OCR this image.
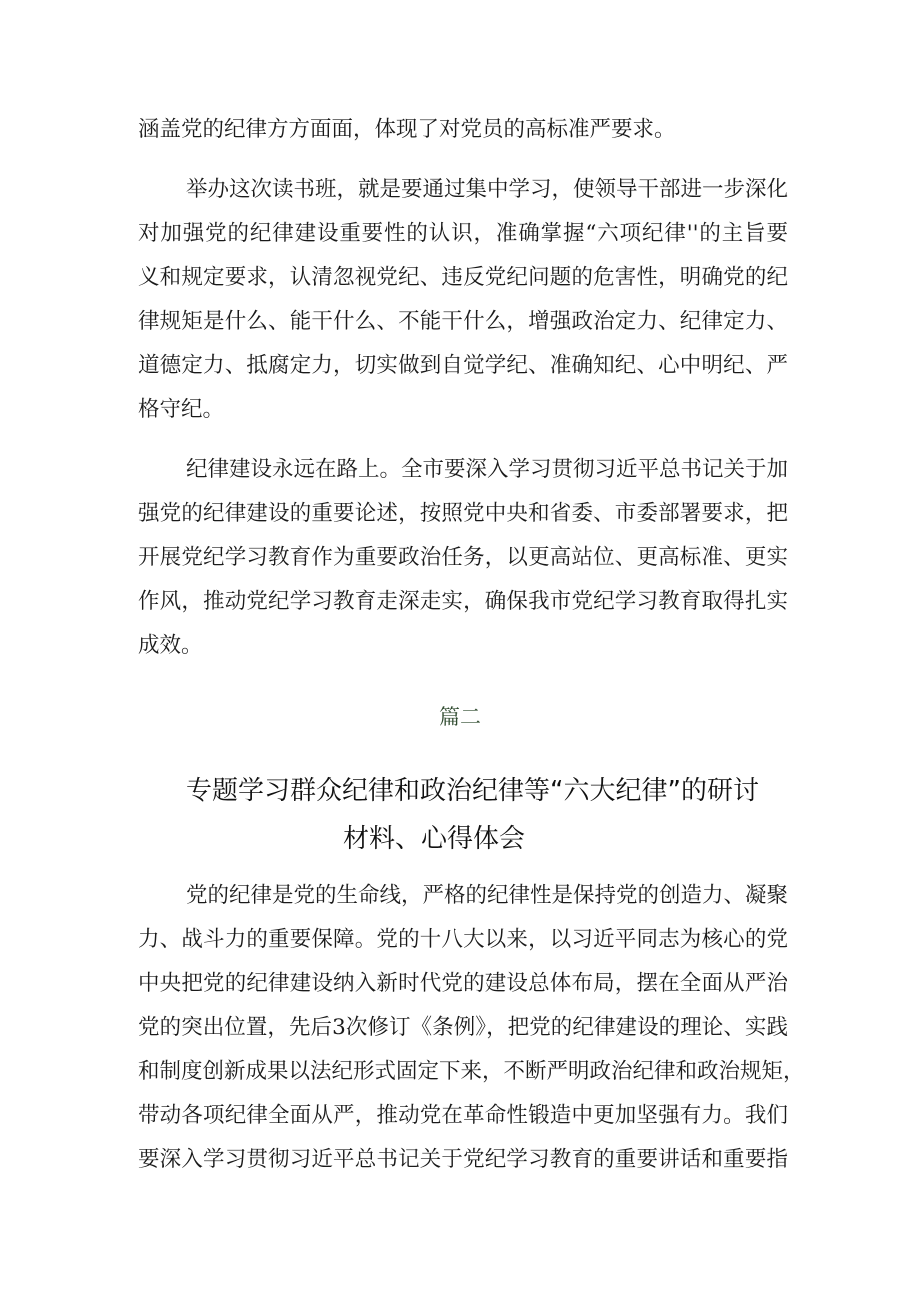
涵盖党的纪律方方面面，体现了对党员的高标准严要求。
举办这次读书班，就是要通过集中学习，使领导干部进一步深化
对加强党的纪律建设重要性的认识，准确掌握“六项纪律''的主旨要
义和规定要求，认清忽视党纪、违反党纪问题的危害性，明确党的纪
律规矩是什么、能干什么、不能干什么，增强政治定力、纪律定力、
道德定力、抵腐定力，切实做到自觉学纪、准确知纪、心中明纪、严
格守纪。
纪律建设永远在路上。全市要深入学习贯彻习近平总书记关于加
强党的纪律建设的重要论述，按照党中央和省委、市委部署要求，把
开展党纪学习教育作为重要政治任务，以更高站位、更高标准、更实
作风，推动党纪学习教育走深走实，确保我市党纪学习教育取得扎实
成效。
篇二
专题学习群众纪律和政治纪律等“六大纪律”的研讨
材料、心得体会
党的纪律是党的生命线，严格的纪律性是保持党的创造力、凝聚
力、战斗力的重要保障。党的十八大以来，以习近平同志为核心的党
中央把党的纪律建设纳入新时代党的建设总体布局，摆在全面从严治
党的突出位置，先后3次修订《条例》，把党的纪律建设的理论、实践
和制度创新成果以法纪形式固定下来，不断严明政治纪律和政治规矩，
带动各项纪律全面从严，推动党在革命性锻造中更加坚强有力。我们
要深入学习贯彻习近平总书记关于党纪学习教育的重要讲话和重要指
